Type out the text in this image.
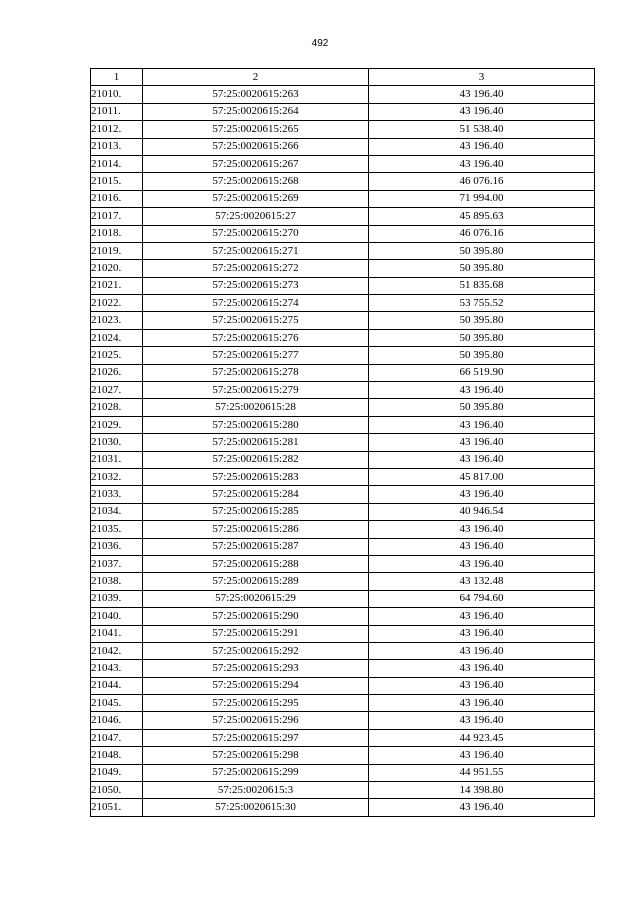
492
1	2	3
21010.	57:25:0020615:263	43 196.40
21011.	57:25:0020615:264	43 196.40
21012.	57:25:0020615:265	51 538.40
21013.	57:25:0020615:266	43 196.40
21014.	57:25:0020615:267	43 196.40
21015.	57:25:0020615:268	46 076.16
21016.	57:25:0020615:269	71 994.00
21017.	57:25:0020615:27	45 895.63
21018.	57:25:0020615:270	46 076.16
21019.	57:25:0020615:271	50 395.80
21020.	57:25:0020615:272	50 395.80
21021.	57:25:0020615:273	51 835.68
21022.	57:25:0020615:274	53 755.52
21023.	57:25:0020615:275	50 395.80
21024.	57:25:0020615:276	50 395.80
21025.	57:25:0020615:277	50 395.80
21026.	57:25:0020615:278	66 519.90
21027.	57:25:0020615:279	43 196.40
21028.	57:25:0020615:28	50 395.80
21029.	57:25:0020615:280	43 196.40
21030.	57:25:0020615:281	43 196.40
21031.	57:25:0020615:282	43 196.40
21032.	57:25:0020615:283	45 817.00
21033.	57:25:0020615:284	43 196.40
21034.	57:25:0020615:285	40 946.54
21035.	57:25:0020615:286	43 196.40
21036.	57:25:0020615:287	43 196.40
21037.	57:25:0020615:288	43 196.40
21038.	57:25:0020615:289	43 132.48
21039.	57:25:0020615:29	64 794.60
21040.	57:25:0020615:290	43 196.40
21041.	57:25:0020615:291	43 196.40
21042.	57:25:0020615:292	43 196.40
21043.	57:25:0020615:293	43 196.40
21044.	57:25:0020615:294	43 196.40
21045.	57:25:0020615:295	43 196.40
21046.	57:25:0020615:296	43 196.40
21047.	57:25:0020615:297	44 923.45
21048.	57:25:0020615:298	43 196.40
21049.	57:25:0020615:299	44 951.55
21050.	57:25:0020615:3	14 398.80
21051.	57:25:0020615:30	43 196.40
